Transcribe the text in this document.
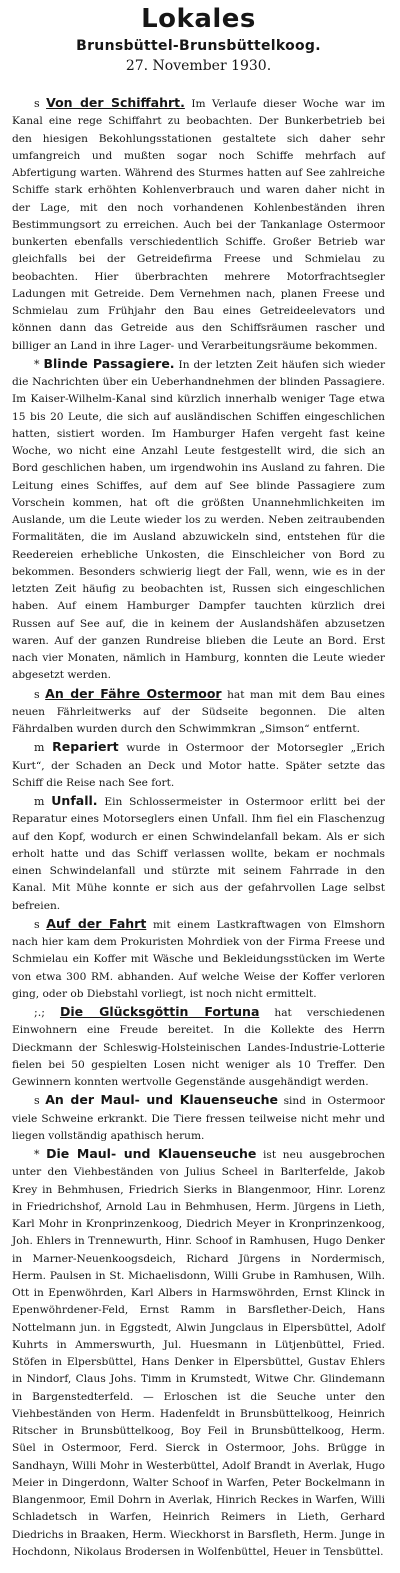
Lokales
Brunsbüttel-Brunsbüttelkoog.
27. November 1930.

s Von der Schiffahrt. Im Verlaufe dieser Woche war im Kanal eine rege Schiffahrt zu beobachten. Der Bunkerbetrieb bei den hiesigen Bekohlungsstationen gestaltete sich daher sehr umfangreich und mußten sogar noch Schiffe mehrfach auf Abfertigung warten. Während des Sturmes hatten auf See zahlreiche Schiffe stark erhöhten Kohlenverbrauch und waren daher nicht in der Lage, mit den noch vorhandenen Kohlenbeständen ihren Bestimmungsort zu erreichen. Auch bei der Tankanlage Ostermoor bunkerten ebenfalls verschiedentlich Schiffe. Großer Betrieb war gleichfalls bei der Getreidefirma Freese und Schmielau zu beobachten. Hier überbrachten mehrere Motorfrachtsegler Ladungen mit Getreide. Dem Vernehmen nach, planen Freese und Schmielau zum Frühjahr den Bau eines Getreideelevators und können dann das Getreide aus den Schiffsräumen rascher und billiger an Land in ihre Lager- und Verarbeitungsräume bekommen.

* Blinde Passagiere. In der letzten Zeit häufen sich wieder die Nachrichten über ein Ueberhandnehmen der blinden Passagiere. Im Kaiser-Wilhelm-Kanal sind kürzlich innerhalb weniger Tage etwa 15 bis 20 Leute, die sich auf ausländischen Schiffen eingeschlichen hatten, sistiert worden. Im Hamburger Hafen vergeht fast keine Woche, wo nicht eine Anzahl Leute festgestellt wird, die sich an Bord geschlichen haben, um irgendwohin ins Ausland zu fahren. Die Leitung eines Schiffes, auf dem auf See blinde Passagiere zum Vorschein kommen, hat oft die größten Unannehmlichkeiten im Auslande, um die Leute wieder los zu werden. Neben zeitraubenden Formalitäten, die im Ausland abzuwickeln sind, entstehen für die Reedereien erhebliche Unkosten, die Einschleicher von Bord zu bekommen. Besonders schwierig liegt der Fall, wenn, wie es in der letzten Zeit häufig zu beobachten ist, Russen sich eingeschlichen haben. Auf einem Hamburger Dampfer tauchten kürzlich drei Russen auf See auf, die in keinem der Auslandshäfen abzusetzen waren. Auf der ganzen Rundreise blieben die Leute an Bord. Erst nach vier Monaten, nämlich in Hamburg, konnten die Leute wieder abgesetzt werden.

s An der Fähre Ostermoor hat man mit dem Bau eines neuen Fährleitwerks auf der Südseite begonnen. Die alten Fährdalben wurden durch den Schwimmkran „Simson“ entfernt.

m Repariert wurde in Ostermoor der Motorsegler „Erich Kurt“, der Schaden an Deck und Motor hatte. Später setzte das Schiff die Reise nach See fort.

m Unfall. Ein Schlossermeister in Ostermoor erlitt bei der Reparatur eines Motorseglers einen Unfall. Ihm fiel ein Flaschenzug auf den Kopf, wodurch er einen Schwindelanfall bekam. Als er sich erholt hatte und das Schiff verlassen wollte, bekam er nochmals einen Schwindelanfall und stürzte mit seinem Fahrrade in den Kanal. Mit Mühe konnte er sich aus der gefahrvollen Lage selbst befreien.

s Auf der Fahrt mit einem Lastkraftwagen von Elmshorn nach hier kam dem Prokuristen Mohrdiek von der Firma Freese und Schmielau ein Koffer mit Wäsche und Bekleidungsstücken im Werte von etwa 300 RM. abhanden. Auf welche Weise der Koffer verloren ging, oder ob Diebstahl vorliegt, ist noch nicht ermittelt.

;.; Die Glücksgöttin Fortuna hat verschiedenen Einwohnern eine Freude bereitet. In die Kollekte des Herrn Dieckmann der Schleswig-Holsteinischen Landes-Industrie-Lotterie fielen bei 50 gespielten Losen nicht weniger als 10 Treffer. Den Gewinnern konnten wertvolle Gegenstände ausgehändigt werden.

s An der Maul- und Klauenseuche sind in Ostermoor viele Schweine erkrankt. Die Tiere fressen teilweise nicht mehr und liegen vollständig apathisch herum.

* Die Maul- und Klauenseuche ist neu ausgebrochen unter den Viehbeständen von Julius Scheel in Barlterfelde, Jakob Krey in Behmhusen, Friedrich Sierks in Blangenmoor, Hinr. Lorenz in Friedrichshof, Arnold Lau in Behmhusen, Herm. Jürgens in Lieth, Karl Mohr in Kronprinzenkoog, Diedrich Meyer in Kronprinzenkoog, Joh. Ehlers in Trennewurth, Hinr. Schoof in Ramhusen, Hugo Denker in Marner-Neuenkoogsdeich, Richard Jürgens in Nordermisch, Herm. Paulsen in St. Michaelisdonn, Willi Grube in Ramhusen, Wilh. Ott in Epenwöhrden, Karl Albers in Harmswöhrden, Ernst Klinck in Epenwöhrdener-Feld, Ernst Ramm in Barsflether-Deich, Hans Nottelmann jun. in Eggstedt, Alwin Jungclaus in Elpersbüttel, Adolf Kuhrts in Ammerswurth, Jul. Huesmann in Lütjenbüttel, Fried. Stöfen in Elpersbüttel, Hans Denker in Elpersbüttel, Gustav Ehlers in Nindorf, Claus Johs. Timm in Krumstedt, Witwe Chr. Glindemann in Bargenstedterfeld. — Erloschen ist die Seuche unter den Viehbeständen von Herm. Hadenfeldt in Brunsbüttelkoog, Heinrich Ritscher in Brunsbüttelkoog, Boy Feil in Brunsbüttelkoog, Herm. Süel in Ostermoor, Ferd. Sierck in Ostermoor, Johs. Brügge in Sandhayn, Willi Mohr in Westerbüttel, Adolf Brandt in Averlak, Hugo Meier in Dingerdonn, Walter Schoof in Warfen, Peter Bockelmann in Blangenmoor, Emil Dohrn in Averlak, Hinrich Reckes in Warfen, Willi Schladetsch in Warfen, Heinrich Reimers in Lieth, Gerhard Diedrichs in Braaken, Herm. Wieckhorst in Barsfleth, Herm. Junge in Hochdonn, Nikolaus Brodersen in Wolfenbüttel, Heuer in Tensbüttel.
